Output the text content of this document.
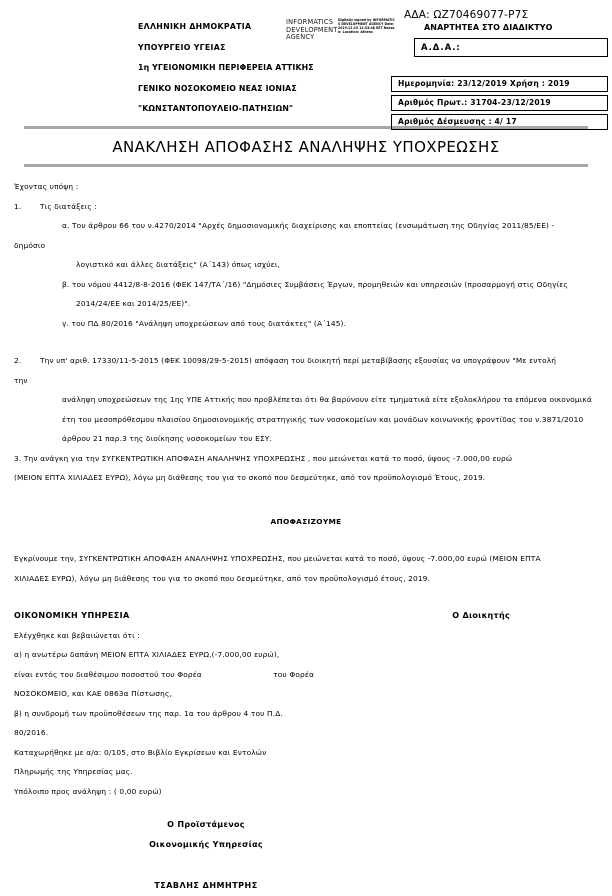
ΑΔΑ: ΩΖ70469077-Ρ7Σ
ΑΝΑΡΤΗΤΕΑ ΣΤΟ ΔΙΑΔΙΚΤΥΟ
Α.Δ.Α.:
ΕΛΛΗΝΙΚΗ ΔΗΜΟΚΡΑΤΙΑ
ΥΠΟΥΡΓΕΙΟ ΥΓΕΙΑΣ
1η ΥΓΕΙΟΝΟΜΙΚΗ ΠΕΡΙΦΕΡΕΙΑ ΑΤΤΙΚΗΣ
ΓΕΝΙΚΟ ΝΟΣΟΚΟΜΕΙΟ ΝΕΑΣ ΙΟΝΙΑΣ
"ΚΩΝΣΤΑΝΤΟΠΟΥΛΕΙΟ-ΠΑΤΗΣΙΩΝ"
INFORMATICS DEVELOPMENT AGENCY
Digitally signed by INFORMATICS DEVELOPMENT AGENCY Date: 2019.12.23 12:33:48 EET Reason: Location: Athens
Ημερομηνία: 23/12/2019 Χρήση : 2019
Αριθμός Πρωτ.: 31704-23/12/2019
Αριθμός Δέσμευσης : 4/ 17
ΑΝΑΚΛΗΣΗ ΑΠΟΦΑΣΗΣ ΑΝΑΛΗΨΗΣ ΥΠΟΧΡΕΩΣΗΣ
Έχοντας υπόψη :
1.	Τις διατάξεις :
α. Του άρθρου 66 του ν.4270/2014 "Αρχές δημοσιονομικής διαχείρισης και εποπτείας (ενσωμάτωση της Οδηγίας 2011/85/ΕΕ) -
δημόσιο
λογιστικό και άλλες διατάξεις" (Α΄143) όπως ισχύει,
β. του νόμου 4412/8-8-2016 (ΦΕΚ 147/ΤΑ΄/16) "Δημόσιες Συμβάσεις Έργων, προμηθειών και υπηρεσιών (προσαρμογή στις Οδηγίες
2014/24/ΕΕ και 2014/25/ΕΕ)".
γ. του ΠΔ 80/2016 "Ανάληψη υποχρεώσεων από τους διατάκτες" (Α΄145).
2.	Την υπ' αριθ. 17330/11-5-2015 (ΦΕΚ 10098/29-5-2015) απόφαση του διοικητή περί μεταβίβασης εξουσίας να υπογράφουν "Με εντολή
την
ανάληψη υποχρεώσεων της 1ης ΥΠΕ Αττικής που προβλέπεται ότι θα βαρύνουν είτε τμηματικά είτε εξολοκλήρου τα επόμενα οικονομικά
έτη του μεσοπρόθεσμου πλαισίου δημοσιονομικής στρατηγικής των νοσοκομείων και μονάδων κοινωνικής φροντίδας του ν.3871/2010
άρθρου 21 παρ.3 της διοίκησης νοσοκομείων του ΕΣΥ.
3. Την ανάγκη για την ΣΥΓΚΕΝΤΡΩΤΙΚΗ ΑΠΟΦΑΣΗ ΑΝΑΛΗΨΗΣ ΥΠΟΧΡΕΩΣΗΣ , που μειώνεται κατά το ποσό, ύψους -7.000,00 ευρώ
(ΜΕΙΟΝ ΕΠΤΑ ΧΙΛΙΑΔΕΣ ΕΥΡΩ), λόγω μη διάθεσης του για το σκοπό που δεσμεύτηκε, από τον προϋπολογισμό Έτους, 2019.
ΑΠΟΦΑΣΙΖΟΥΜΕ
Εγκρίνουμε την, ΣΥΓΚΕΝΤΡΩΤΙΚΗ ΑΠΟΦΑΣΗ ΑΝΑΛΗΨΗΣ ΥΠΟΧΡΕΩΣΗΣ, που μειώνεται κατά το ποσό, ύψους -7.000,00 ευρώ (ΜΕΙΟΝ ΕΠΤΑ
ΧΙΛΙΑΔΕΣ ΕΥΡΩ), λόγω μη διάθεσης του για το σκοπό που δεσμεύτηκε, από τον προϋπολογισμό έτους, 2019.
ΟΙΚΟΝΟΜΙΚΗ ΥΠΗΡΕΣΙΑ	Ο Διοικητής
Ελέγχθηκε και βεβαιώνεται ότι :
α) η ανωτέρω δαπάνη ΜΕΙΟΝ ΕΠΤΑ ΧΙΛΙΑΔΕΣ ΕΥΡΩ,(-7.000,00 ευρώ),
είναι εντός του διαθέσιμου ποσοστού του Φορέα	του Φορέα
ΝΟΣΟΚΟΜΕΙΟ, και ΚΑΕ 0863α Πίστωσης,
β) η συνδρομή των προϋποθέσεων της παρ. 1α του άρθρου 4 του Π.Δ.
80/2016.
Καταχωρήθηκε με α/α: 0/105, στο Βιβλίο Εγκρίσεων και Εντολών
Πληρωμής της Υπηρεσίας μας.
Υπόλοιπο προς ανάληψη : ( 0,00 ευρώ)
Ο Προϊστάμενος
Οικονομικής Υπηρεσίας
ΤΣΑΒΛΗΣ ΔΗΜΗΤΡΗΣ
